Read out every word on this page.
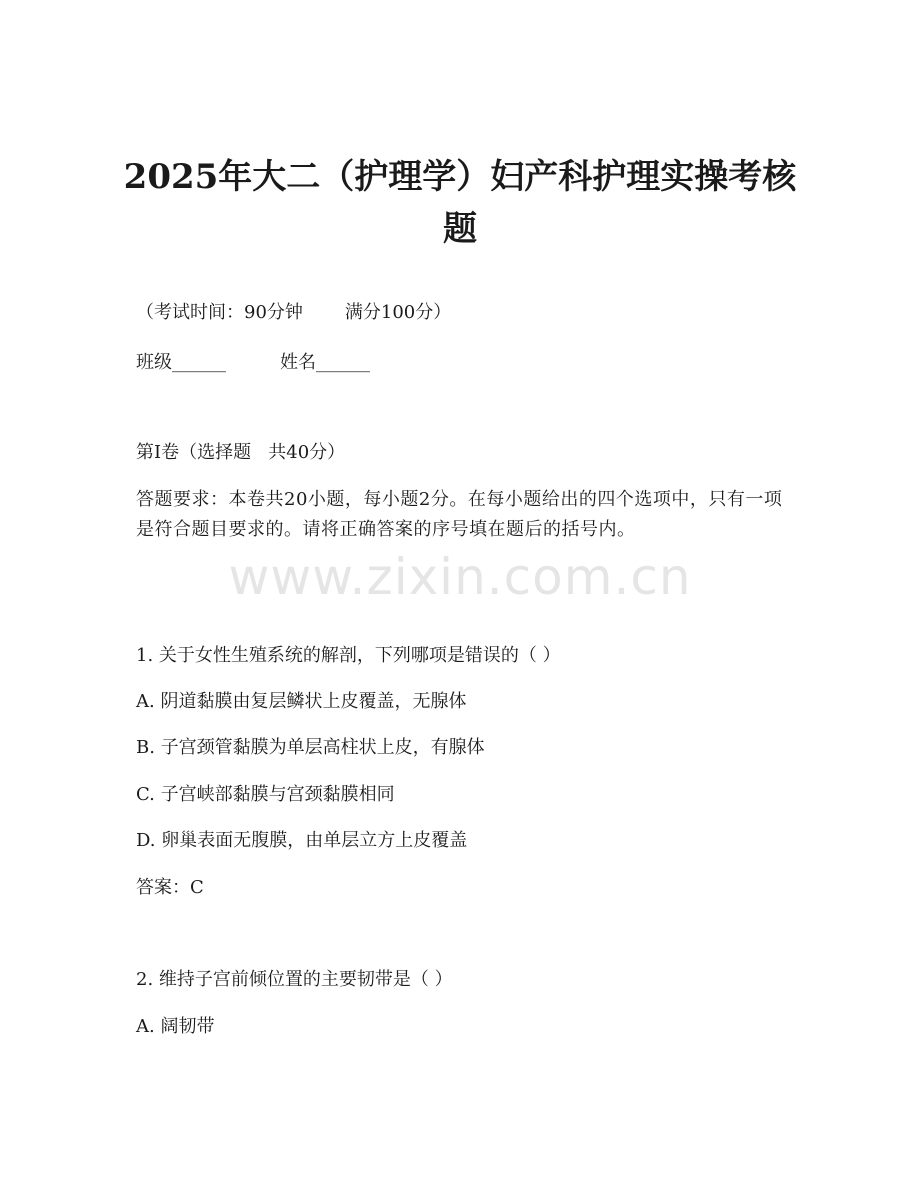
2025年大二（护理学）妇产科护理实操考核
题
（考试时间：90分钟 满分100分）
班级______	姓名______
第I卷（选择题   共40分）
答题要求：本卷共20小题，每小题2分。在每小题给出的四个选项中，只有一项是符合题目要求的。请将正确答案的序号填在题后的括号内。
www.zixin.com.cn
1. 关于女性生殖系统的解剖，下列哪项是错误的（ ）
A. 阴道黏膜由复层鳞状上皮覆盖，无腺体
B. 子宫颈管黏膜为单层高柱状上皮，有腺体
C. 子宫峡部黏膜与宫颈黏膜相同
D. 卵巢表面无腹膜，由单层立方上皮覆盖
答案：C
2. 维持子宫前倾位置的主要韧带是（ ）
A. 阔韧带
